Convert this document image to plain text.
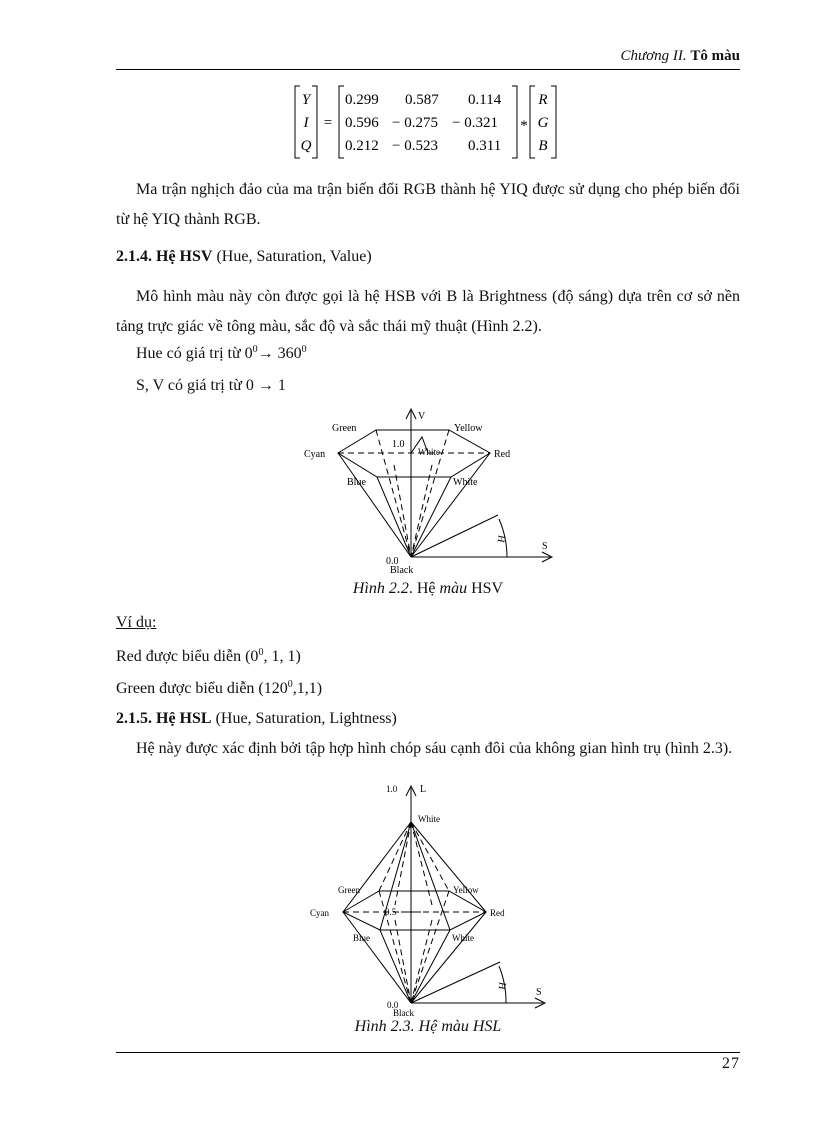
Chương II. Tô màu
Y
I
Q
R
G
B
=	*
0.299 0.587 0.114
0.596 − 0.275 − 0.321
0.212 − 0.523 0.311
Ma trận nghịch đảo của ma trận biến đổi RGB thành hệ YIQ được sử dụng cho phép biến đổi từ hệ YIQ thành RGB.
2.1.4. Hệ HSV (Hue, Saturation, Value)
Mô hình màu này còn được gọi là hệ HSB với B là Brightness (độ sáng) dựa trên cơ sở nền tảng trực giác về tông màu, sắc độ và sắc thái mỹ thuật (Hình 2.2).
Hue có giá trị từ $0^0\to 360^0$
S, V có giá trị từ 0 → 1
V
S
H
Green	Yellow
Cyan	Red
1.0
White
Blue	White
0.0
Black
Hình 2.2. Hệ màu HSV
Ví dụ:
Red được biểu diễn ($0^0$, 1, 1)
Green được biểu diễn $(120^0,1,1)$
2.1.5. Hệ HSL (Hue, Saturation, Lightness)
Hệ này được xác định bởi tập hợp hình chóp sáu cạnh đôi của không gian hình trụ (hình 2.3).
1.0 L
White
Green	Yellow
Cyan	Red
0.5
Blue	White
S
H
0.0
Black
Hình 2.3. Hệ màu HSL
27
